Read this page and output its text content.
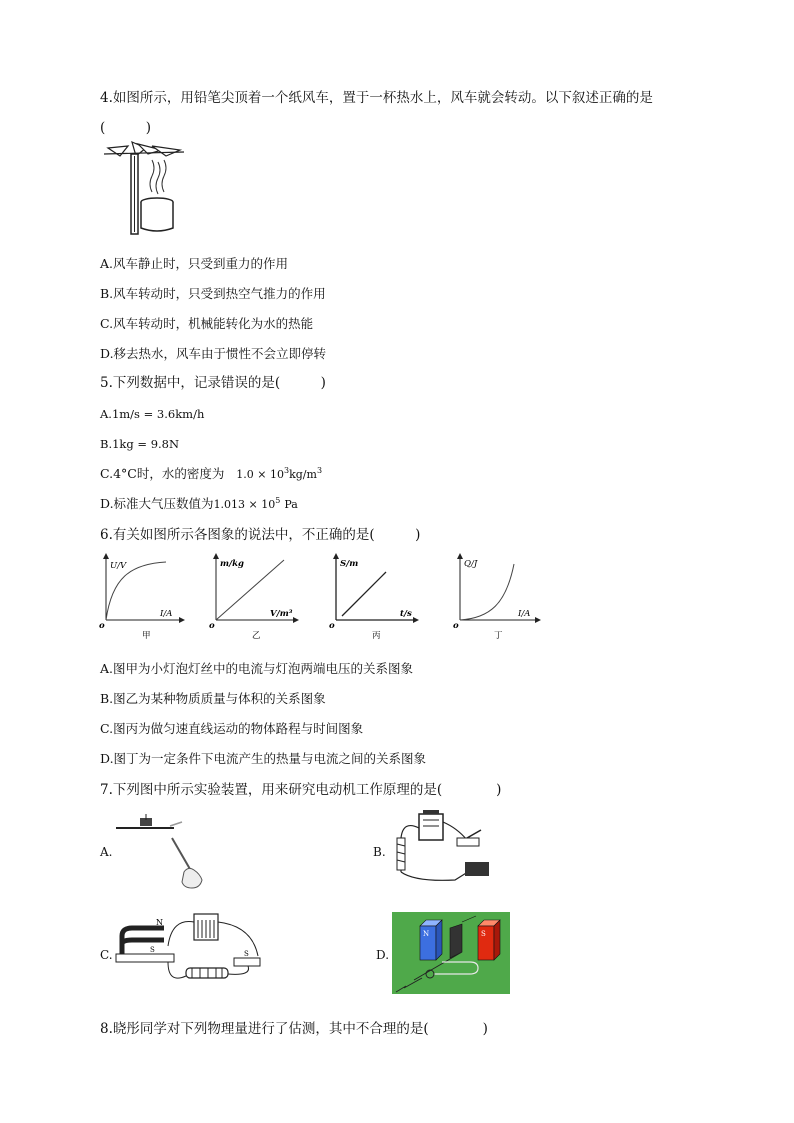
4.如图所示，用铅笔尖顶着一个纸风车，置于一杯热水上，风车就会转动。以下叙述正确的是
(　　　)
A.风车静止时，只受到重力的作用
B.风车转动时，只受到热空气推力的作用
C.风车转动时，机械能转化为水的热能
D.移去热水，风车由于惯性不会立即停转
5.下列数据中，记录错误的是(　　　)
A.1m/s = 3.6km/h
B.1kg = 9.8N
C.4°C时，水的密度为 $1.0 \times 10^3kg/m^3$
D.标准大气压数值为$1.013 \times 10^5$ Pa
6.有关如图所示各图象的说法中，不正确的是(　　　)
U/V
I/A
o
甲
m/kg
V/m³
o
乙
S/m
t/s
o
丙
Q/J
I/A
o
丁
A.图甲为小灯泡灯丝中的电流与灯泡两端电压的关系图象
B.图乙为某种物质质量与体积的关系图象
C.图丙为做匀速直线运动的物体路程与时间图象
D.图丁为一定条件下电流产生的热量与电流之间的关系图象
7.下列图中所示实验装置，用来研究电动机工作原理的是(　　　　)
A.	B.
C.
N
S	S	D.
N	S
8.晓彤同学对下列物理量进行了估测，其中不合理的是(　　　　)
